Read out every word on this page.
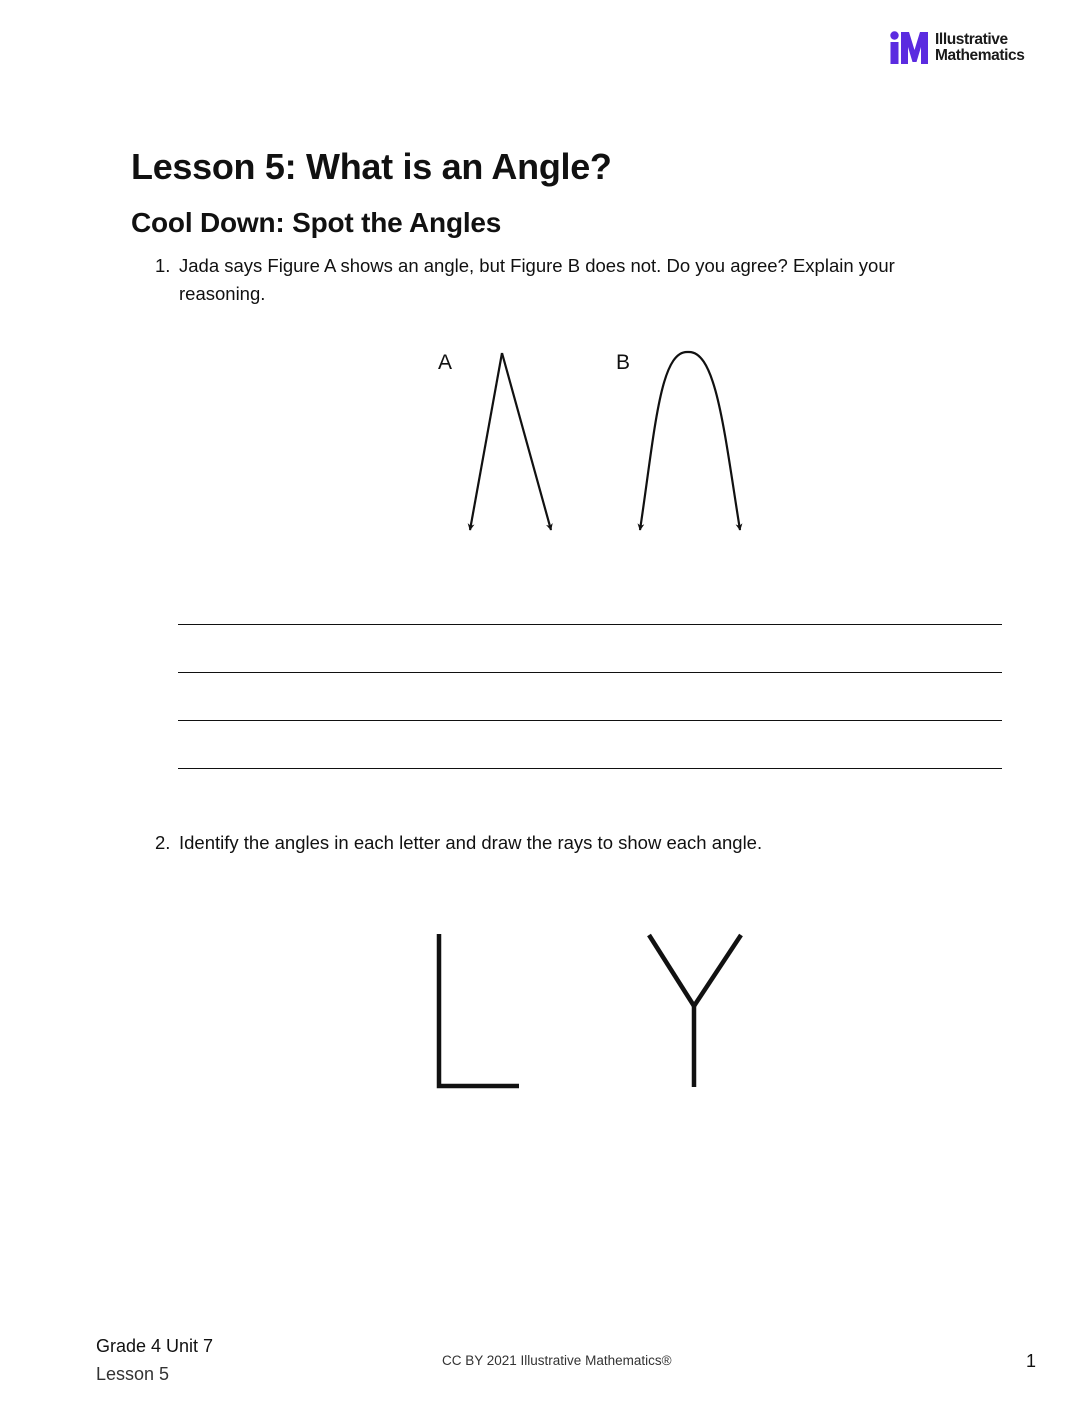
Illustrative
Mathematics
Lesson 5: What is an Angle?
Cool Down: Spot the Angles
1. Jada says Figure A shows an angle, but Figure B does not. Do you agree? Explain your reasoning.
A	B
2. Identify the angles in each letter and draw the rays to show each angle.
Grade 4 Unit 7
Lesson 5
CC BY 2021 Illustrative Mathematics®	1
